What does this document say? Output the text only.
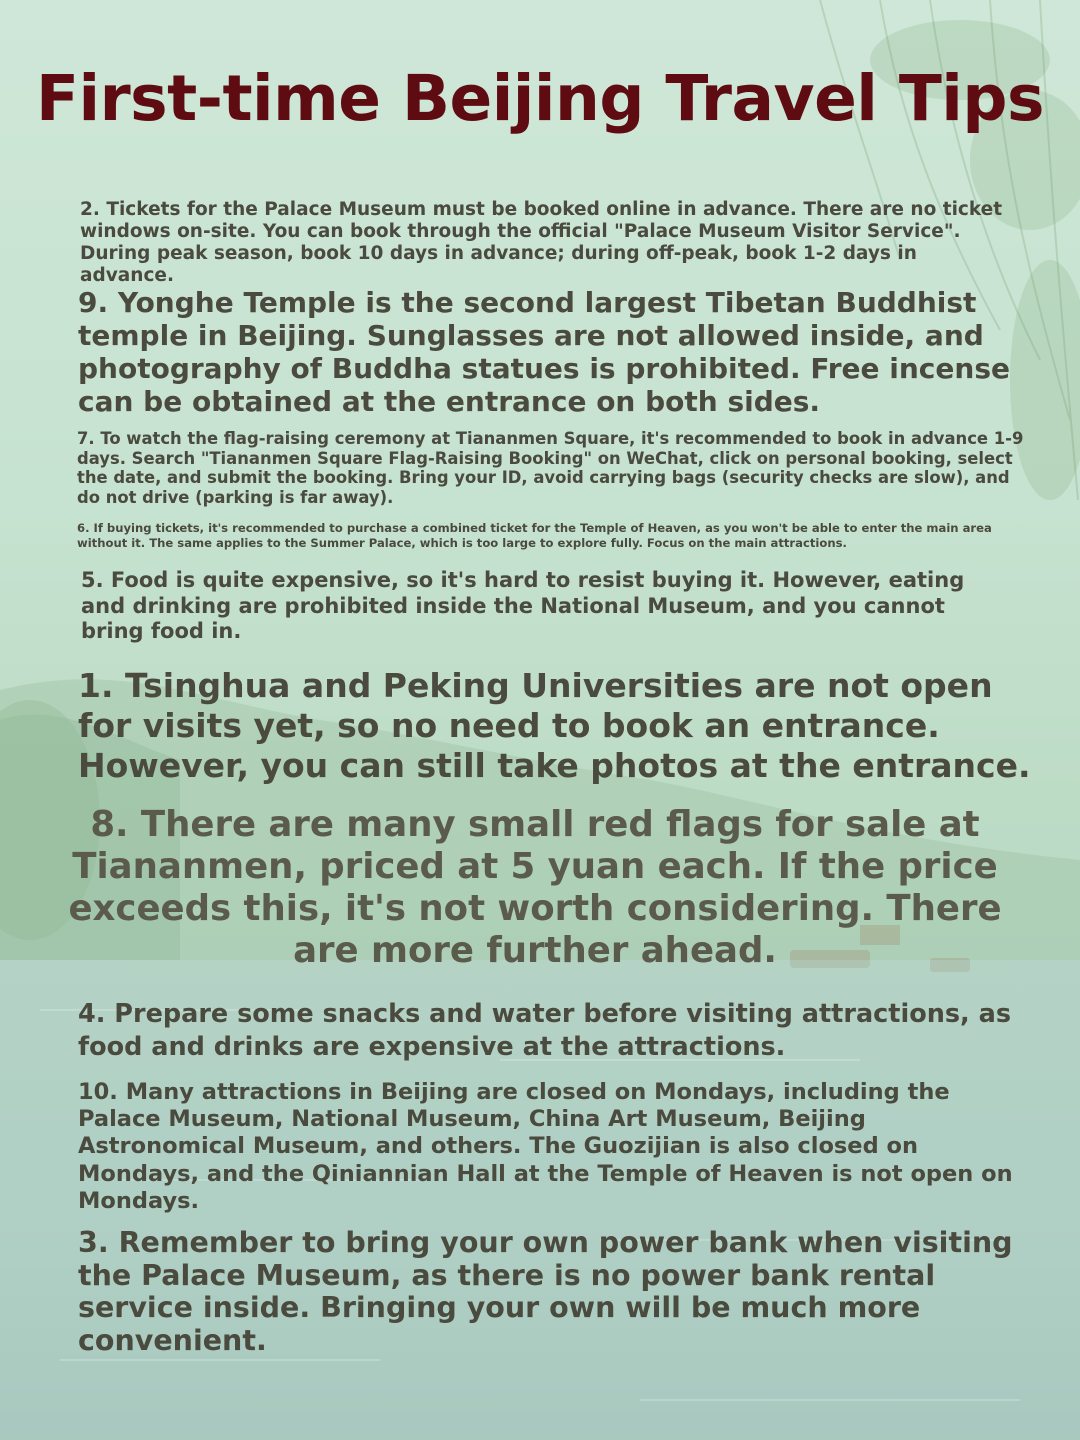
First-time Beijing Travel Tips

2. Tickets for the Palace Museum must be booked online in advance. There are no ticket windows on-site. You can book through the official "Palace Museum Visitor Service". During peak season, book 10 days in advance; during off-peak, book 1-2 days in advance.

9. Yonghe Temple is the second largest Tibetan Buddhist temple in Beijing. Sunglasses are not allowed inside, and photography of Buddha statues is prohibited. Free incense can be obtained at the entrance on both sides.

7. To watch the flag-raising ceremony at Tiananmen Square, it's recommended to book in advance 1-9 days. Search "Tiananmen Square Flag-Raising Booking" on WeChat, click on personal booking, select the date, and submit the booking. Bring your ID, avoid carrying bags (security checks are slow), and do not drive (parking is far away).

6. If buying tickets, it's recommended to purchase a combined ticket for the Temple of Heaven, as you won't be able to enter the main area without it. The same applies to the Summer Palace, which is too large to explore fully. Focus on the main attractions.

5. Food is quite expensive, so it's hard to resist buying it. However, eating and drinking are prohibited inside the National Museum, and you cannot bring food in.

1. Tsinghua and Peking Universities are not open for visits yet, so no need to book an entrance. However, you can still take photos at the entrance.

8. There are many small red flags for sale at Tiananmen, priced at 5 yuan each. If the price exceeds this, it's not worth considering. There are more further ahead.

4. Prepare some snacks and water before visiting attractions, as food and drinks are expensive at the attractions.

10. Many attractions in Beijing are closed on Mondays, including the Palace Museum, National Museum, China Art Museum, Beijing Astronomical Museum, and others. The Guozijian is also closed on Mondays, and the Qiniannian Hall at the Temple of Heaven is not open on Mondays.

3. Remember to bring your own power bank when visiting the Palace Museum, as there is no power bank rental service inside. Bringing your own will be much more convenient.
